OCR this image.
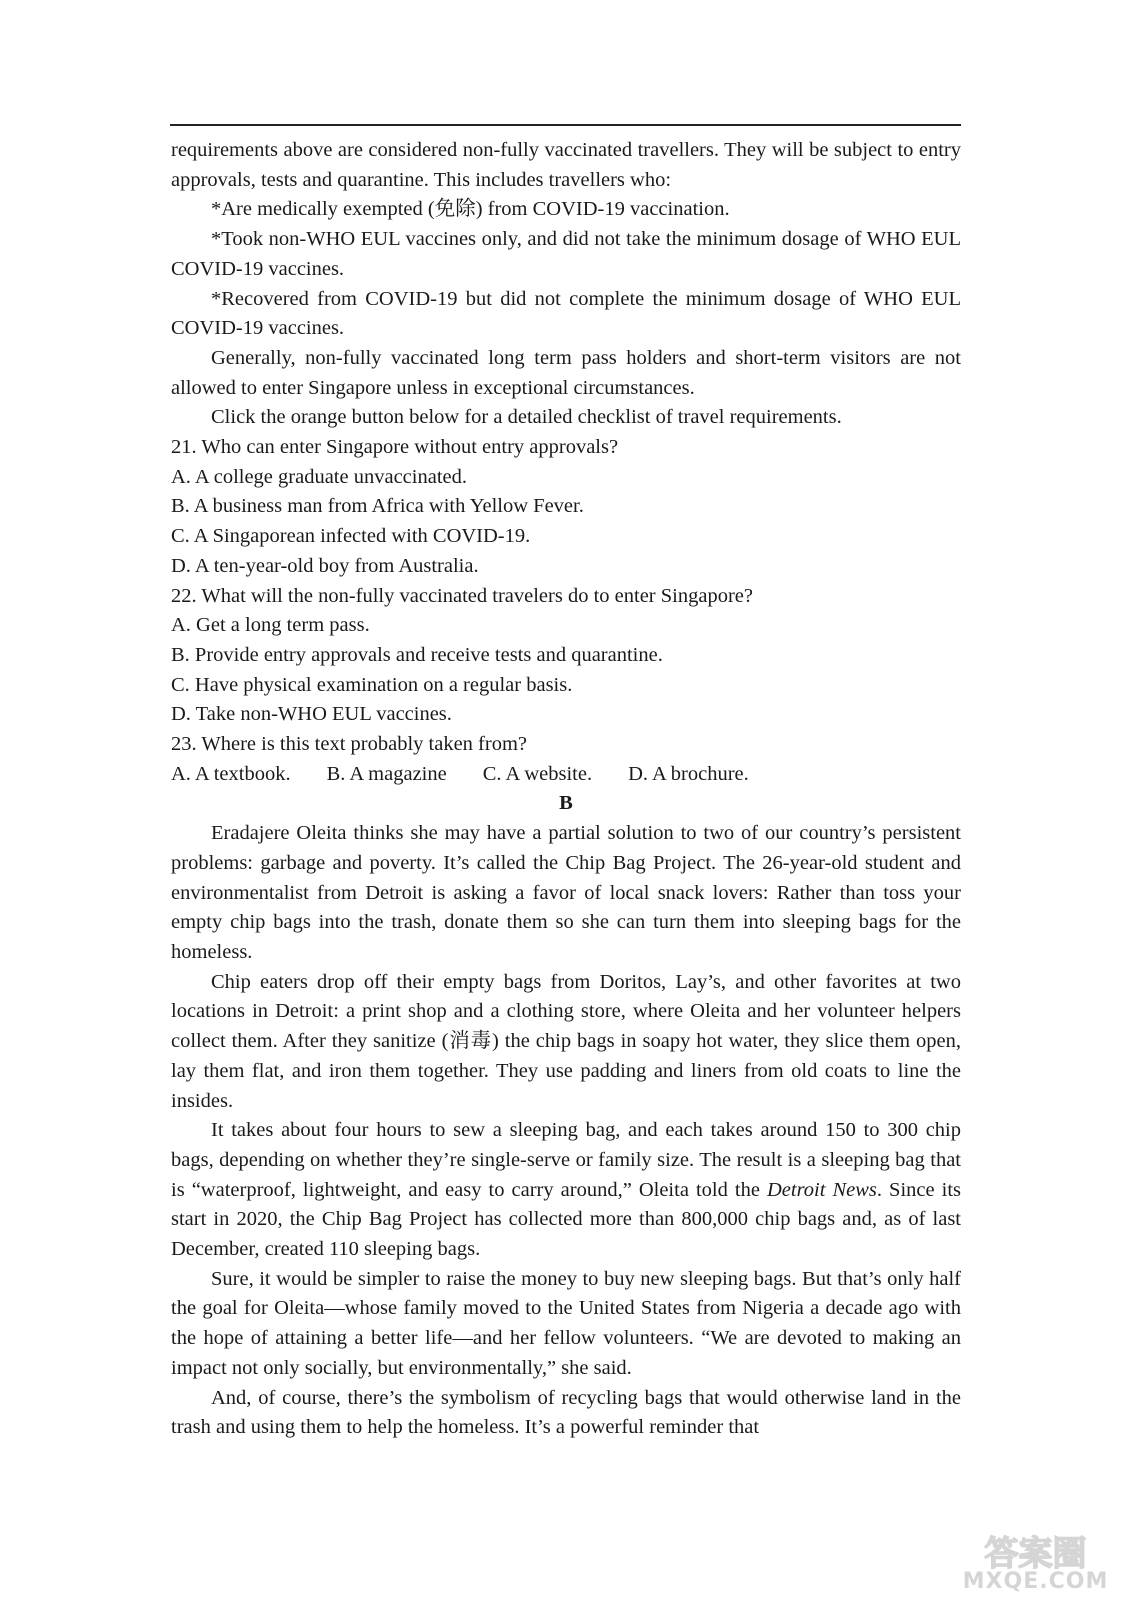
requirements above are considered non-fully vaccinated travellers. They will be subject to entry approvals, tests and quarantine. This includes travellers who:

*Are medically exempted (免除) from COVID-19 vaccination.

*Took non-WHO EUL vaccines only, and did not take the minimum dosage of WHO EUL COVID-19 vaccines.

*Recovered from COVID-19 but did not complete the minimum dosage of WHO EUL COVID-19 vaccines.

Generally, non-fully vaccinated long term pass holders and short-term visitors are not allowed to enter Singapore unless in exceptional circumstances.

Click the orange button below for a detailed checklist of travel requirements.

21. Who can enter Singapore without entry approvals?

A. A college graduate unvaccinated.

B. A business man from Africa with Yellow Fever.

C. A Singaporean infected with COVID-19.

D. A ten-year-old boy from Australia.

22. What will the non-fully vaccinated travelers do to enter Singapore?

A. Get a long term pass.

B. Provide entry approvals and receive tests and quarantine.

C. Have physical examination on a regular basis.

D. Take non-WHO EUL vaccines.

23. Where is this text probably taken from?

A. A textbook. B. A magazine C. A website. D. A brochure.

B

Eradajere Oleita thinks she may have a partial solution to two of our country’s persistent problems: garbage and poverty. It’s called the Chip Bag Project. The 26-year-old student and environmentalist from Detroit is asking a favor of local snack lovers: Rather than toss your empty chip bags into the trash, donate them so she can turn them into sleeping bags for the homeless.

Chip eaters drop off their empty bags from Doritos, Lay’s, and other favorites at two locations in Detroit: a print shop and a clothing store, where Oleita and her volunteer helpers collect them. After they sanitize (消毒) the chip bags in soapy hot water, they slice them open, lay them flat, and iron them together. They use padding and liners from old coats to line the insides.

It takes about four hours to sew a sleeping bag, and each takes around 150 to 300 chip bags, depending on whether they’re single-serve or family size. The result is a sleeping bag that is “waterproof, lightweight, and easy to carry around,” Oleita told the Detroit News. Since its start in 2020, the Chip Bag Project has collected more than 800,000 chip bags and, as of last December, created 110 sleeping bags.

Sure, it would be simpler to raise the money to buy new sleeping bags. But that’s only half the goal for Oleita—whose family moved to the United States from Nigeria a decade ago with the hope of attaining a better life—and her fellow volunteers. “We are devoted to making an impact not only socially, but environmentally,” she said.

And, of course, there’s the symbolism of recycling bags that would otherwise land in the trash and using them to help the homeless. It’s a powerful reminder that

答案圈
MXQE.COM
